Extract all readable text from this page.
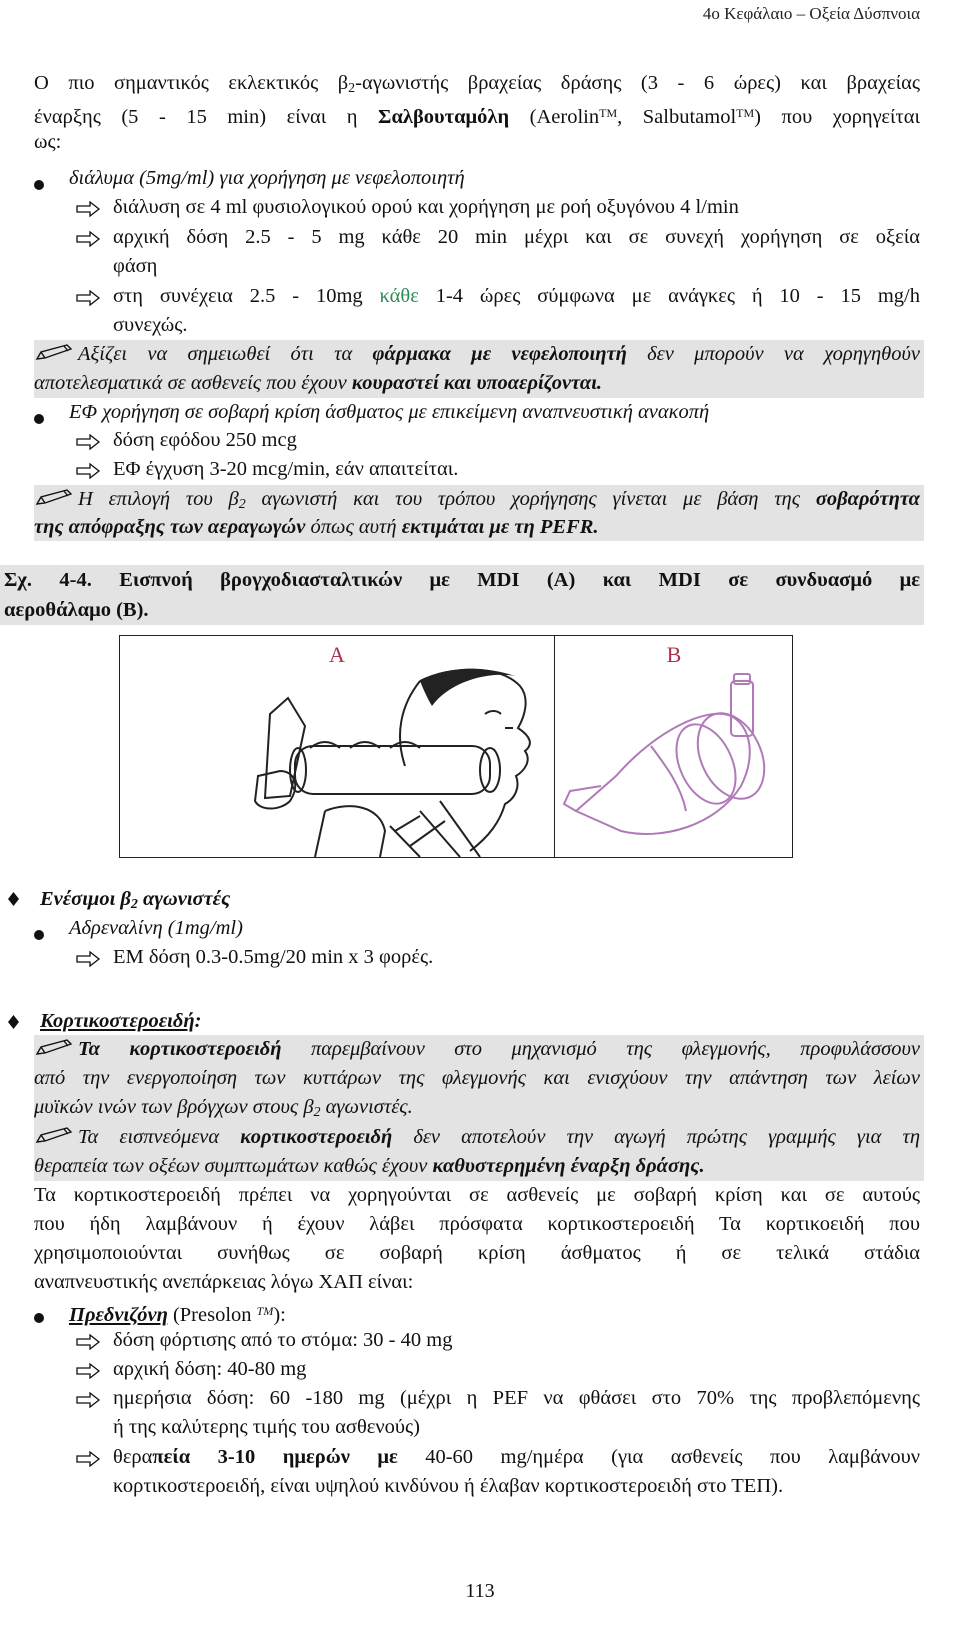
4ο Κεφάλαιο – Οξεία Δύσπνοια
Ο πιο σημαντικός εκλεκτικός $\beta_2$-αγωνιστής βραχείας δράσης (3 - 6 ώρες) και βραχείας
έναρξης (5 - 15 min) είναι η Σαλβουταμόλη (Aerolin™, Salbutamol™) που χορηγείται
ως:
διάλυμα (5mg/ml) για χορήγηση με νεφελοποιητή
διάλυση σε 4 ml φυσιολογικού ορού και χορήγηση με ροή οξυγόνου 4 l/min
αρχική δόση 2.5 - 5 mg κάθε 20 min μέχρι και σε συνεχή χορήγηση σε οξεία
φάση
στη συνέχεια 2.5 - 10mg κάθε 1-4 ώρες σύμφωνα με ανάγκες ή 10 - 15 mg/h
συνεχώς.
Αξίζει να σημειωθεί ότι τα φάρμακα με νεφελοποιητή δεν μπορούν να χορηγηθούν
αποτελεσματικά σε ασθενείς που έχουν κουραστεί και υποαερίζονται.
ΕΦ χορήγηση σε σοβαρή κρίση άσθματος με επικείμενη αναπνευστική ανακοπή
δόση εφόδου 250 mcg
ΕΦ έγχυση 3-20 mcg/min, εάν απαιτείται.
Η επιλογή του $\beta_2$ αγωνιστή και του τρόπου χορήγησης γίνεται με βάση της σοβαρότητα
της απόφραξης των αεραγωγών όπως αυτή εκτιμάται με τη PEFR.
Σχ. 4-4. Εισπνοή βρογχοδιασταλτικών με MDI (Α) και MDI σε συνδυασμό με
αεροθάλαμο (Β).
Α	Β
Ενέσιμοι $\beta_2$ αγωνιστές
Αδρεναλίνη (1mg/ml)
ΕΜ δόση 0.3-0.5mg/20 min x 3 φορές.
Κορτικοστεροειδή:
Τα κορτικοστεροειδή παρεμβαίνουν στο μηχανισμό της φλεγμονής, προφυλάσσουν
από την ενεργοποίηση των κυττάρων της φλεγμονής και ενισχύουν την απάντηση των λείων
μυϊκών ινών των βρόγχων στους $\beta_2$ αγωνιστές.
Τα εισπνεόμενα κορτικοστεροειδή δεν αποτελούν την αγωγή πρώτης γραμμής για τη
θεραπεία των οξέων συμπτωμάτων καθώς έχουν καθυστερημένη έναρξη δράσης.
Τα κορτικοστεροειδή πρέπει να χορηγούνται σε ασθενείς με σοβαρή κρίση και σε αυτούς
που ήδη λαμβάνουν ή έχουν λάβει πρόσφατα κορτικοστεροειδή Τα κορτικοειδή που
χρησιμοποιούνται συνήθως σε σοβαρή κρίση άσθματος ή σε τελικά στάδια
αναπνευστικής ανεπάρκειας λόγω ΧΑΠ είναι:
Πρεδνιζόνη (Presolon ™):
δόση φόρτισης από το στόμα: 30 - 40 mg
αρχική δόση: 40-80 mg
ημερήσια δόση: 60 -180 mg (μέχρι η PEF να φθάσει στο 70% της προβλεπόμενης
ή της καλύτερης τιμής του ασθενούς)
θεραπεία 3-10 ημερών με 40-60 mg/ημέρα (για ασθενείς που λαμβάνουν
κορτικοστεροειδή, είναι υψηλού κινδύνου ή έλαβαν κορτικοστεροειδή στο ΤΕΠ).
113
